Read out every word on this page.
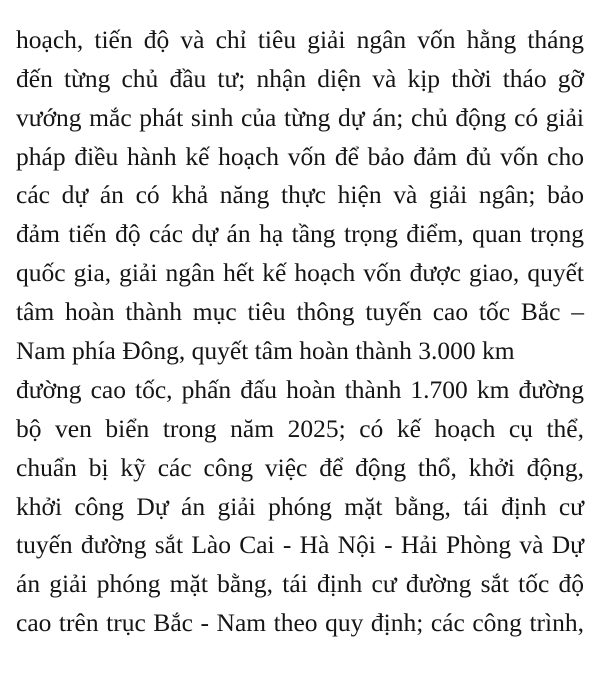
hoạch, tiến độ và chỉ tiêu giải ngân vốn hằng tháng
đến từng chủ đầu tư; nhận diện và kịp thời tháo gỡ
vướng mắc phát sinh của từng dự án; chủ động có giải
pháp điều hành kế hoạch vốn để bảo đảm đủ vốn cho
các dự án có khả năng thực hiện và giải ngân; bảo
đảm tiến độ các dự án hạ tầng trọng điểm, quan trọng
quốc gia, giải ngân hết kế hoạch vốn được giao, quyết
tâm hoàn thành mục tiêu thông tuyến cao tốc Bắc –
Nam phía Đông, quyết tâm hoàn thành 3.000 km
đường cao tốc, phấn đấu hoàn thành 1.700 km đường
bộ ven biển trong năm 2025; có kế hoạch cụ thể,
chuẩn bị kỹ các công việc để động thổ, khởi động,
khởi công Dự án giải phóng mặt bằng, tái định cư
tuyến đường sắt Lào Cai - Hà Nội - Hải Phòng và Dự
án giải phóng mặt bằng, tái định cư đường sắt tốc độ
cao trên trục Bắc - Nam theo quy định; các công trình,
